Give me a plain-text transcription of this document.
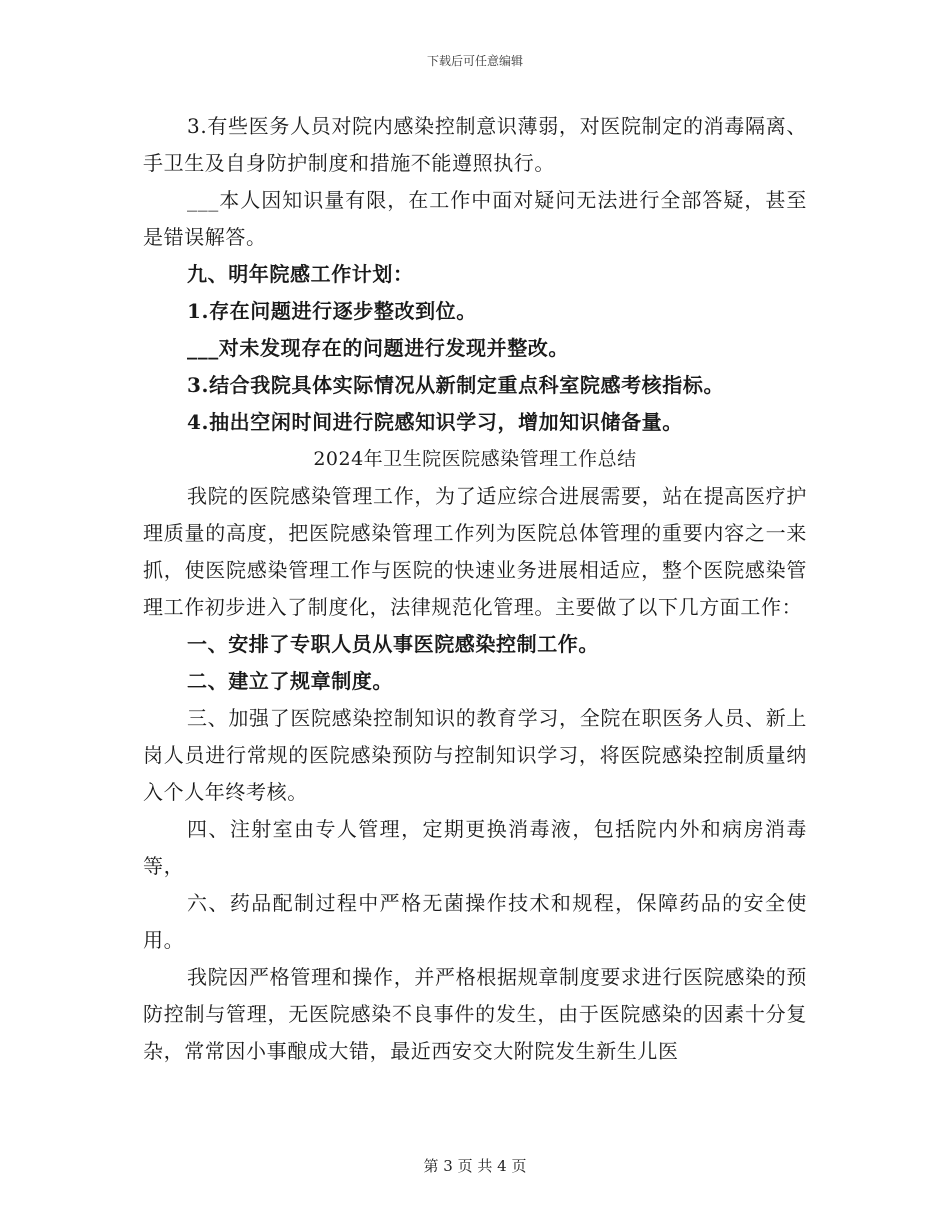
下载后可任意编辑

3.有些医务人员对院内感染控制意识薄弱，对医院制定的消毒隔离、手卫生及自身防护制度和措施不能遵照执行。

___本人因知识量有限，在工作中面对疑问无法进行全部答疑，甚至是错误解答。

九、明年院感工作计划：

1.存在问题进行逐步整改到位。

___对未发现存在的问题进行发现并整改。

3.结合我院具体实际情况从新制定重点科室院感考核指标。

4.抽出空闲时间进行院感知识学习，增加知识储备量。

2024年卫生院医院感染管理工作总结

我院的医院感染管理工作，为了适应综合进展需要，站在提高医疗护理质量的高度，把医院感染管理工作列为医院总体管理的重要内容之一来抓，使医院感染管理工作与医院的快速业务进展相适应，整个医院感染管理工作初步进入了制度化，法律规范化管理。主要做了以下几方面工作：

一、安排了专职人员从事医院感染控制工作。

二、建立了规章制度。

三、加强了医院感染控制知识的教育学习，全院在职医务人员、新上岗人员进行常规的医院感染预防与控制知识学习，将医院感染控制质量纳入个人年终考核。

四、注射室由专人管理，定期更换消毒液，包括院内外和病房消毒等，

六、药品配制过程中严格无菌操作技术和规程，保障药品的安全使用。

我院因严格管理和操作，并严格根据规章制度要求进行医院感染的预防控制与管理，无医院感染不良事件的发生，由于医院感染的因素十分复杂，常常因小事酿成大错，最近西安交大附院发生新生儿医

第 3 页 共 4 页
